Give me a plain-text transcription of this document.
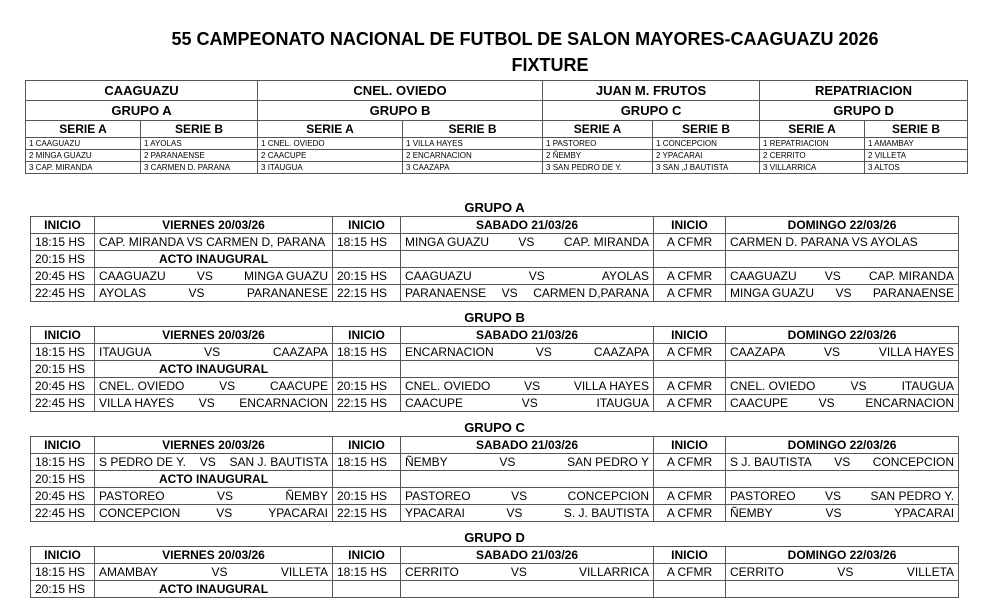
55 CAMPEONATO NACIONAL DE FUTBOL DE SALON MAYORES-CAAGUAZU 2026
FIXTURE
CAAGUAZU		CNEL. OVIEDO		JUAN M. FRUTOS		REPATRIACION	
GRUPO A		GRUPO B		GRUPO C		GRUPO D	
SERIE A	SERIE B	SERIE A	SERIE B	SERIE A	SERIE B	SERIE A	SERIE B
1 CAAGUAZU	1 AYOLAS	1 CNEL. OVIEDO	1 VILLA HAYES	1 PASTOREO	1 CONCEPCION	1 REPATRIACION	1 AMAMBAY
2 MINGA GUAZU	2 PARANAENSE	2 CAACUPE	2 ENCARNACION	2 ÑEMBY	2 YPACARAI	2 CERRITO	2 VILLETA
3 CAP. MIRANDA	3 CARMEN D. PARANA	3 ITAUGUA	3 CAAZAPA	3 SAN PEDRO DE Y.	3 SAN ,J BAUTISTA	3 VILLARRICA	3 ALTOS
GRUPO A					
INICIO	VIERNES 20/03/26	INICIO	SABADO 21/03/26	INICIO	DOMINGO 22/03/26
18:15 HS	CAP. MIRANDA VS CARMEN D, PARANA	18:15 HS	MINGA GUAZU VS CAP. MIRANDA	A CFMR	CARMEN D. PARANA VS AYOLAS
20:15 HS	ACTO INAUGURAL				
20:45 HS	CAAGUAZU VS MINGA GUAZU	20:15 HS	CAAGUAZU VS AYOLAS	A CFMR	CAAGUAZU VS CAP. MIRANDA

22:45 HS	AYOLAS VS PARANANESE	22:15 HS	PARANAENSE VS CARMEN D,PARANA	A CFMR	MINGA GUAZU VS PARANAENSE
GRUPO B					
INICIO	VIERNES 20/03/26	INICIO	SABADO 21/03/26	INICIO	DOMINGO 22/03/26
18:15 HS	ITAUGUA VS CAAZAPA	18:15 HS	ENCARNACION VS CAAZAPA	A CFMR	CAAZAPA VS VILLA HAYES

20:15 HS	ACTO INAUGURAL				
20:45 HS	CNEL. OVIEDO VS CAACUPE	20:15 HS	CNEL. OVIEDO VS VILLA HAYES	A CFMR	CNEL. OVIEDO VS ITAUGUA

22:45 HS	VILLA HAYES VS ENCARNACION	22:15 HS	CAACUPE VS ITAUGUA	A CFMR	CAACUPE VS ENCARNACION
GRUPO C					
INICIO	VIERNES 20/03/26	INICIO	SABADO 21/03/26	INICIO	DOMINGO 22/03/26
18:15 HS	S PEDRO DE Y. VS SAN J. BAUTISTA	18:15 HS	ÑEMBY VS SAN PEDRO Y	A CFMR	S J. BAUTISTA VS CONCEPCION

20:15 HS	ACTO INAUGURAL				
20:45 HS	PASTOREO VS ÑEMBY	20:15 HS	PASTOREO VS CONCEPCION	A CFMR	PASTOREO VS SAN PEDRO Y.

22:45 HS	CONCEPCION VS YPACARAI	22:15 HS	YPACARAI VS S. J. BAUTISTA	A CFMR	ÑEMBY VS YPACARAI
GRUPO D					
INICIO	VIERNES 20/03/26	INICIO	SABADO 21/03/26	INICIO	DOMINGO 22/03/26
18:15 HS	AMAMBAY VS VILLETA	18:15 HS	CERRITO VS VILLARRICA	A CFMR	CERRITO VS VILLETA

20:15 HS	ACTO INAUGURAL				
